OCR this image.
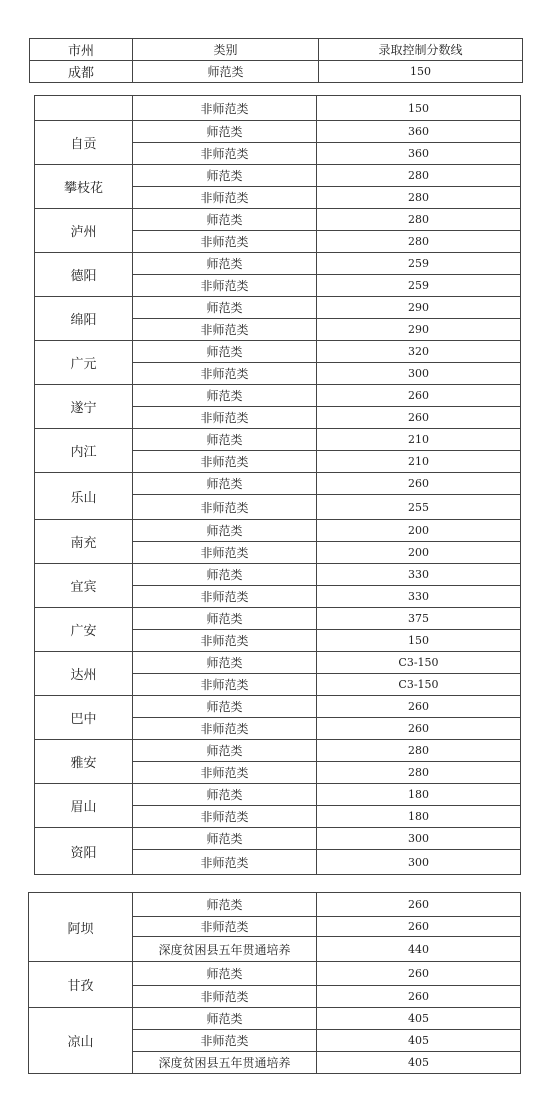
市州	类别	录取控制分数线
成都	师范类	150
	非师范类	150
自贡	师范类	360
	非师范类	360
攀枝花	师范类	280
	非师范类	280
泸州	师范类	280
	非师范类	280
德阳	师范类	259
	非师范类	259
绵阳	师范类	290
	非师范类	290
广元	师范类	320
	非师范类	300
遂宁	师范类	260
	非师范类	260
内江	师范类	210
	非师范类	210
乐山	师范类	260
	非师范类	255
南充	师范类	200
	非师范类	200
宜宾	师范类	330
	非师范类	330
广安	师范类	375
	非师范类	150
达州	师范类	C3-150
	非师范类	C3-150
巴中	师范类	260
	非师范类	260
雅安	师范类	280
	非师范类	280
眉山	师范类	180
	非师范类	180
资阳	师范类	300
	非师范类	300
阿坝	师范类	260
	非师范类	260
	深度贫困县五年贯通培养	440
甘孜	师范类	260
	非师范类	260
凉山	师范类	405
	非师范类	405
	深度贫困县五年贯通培养	405
